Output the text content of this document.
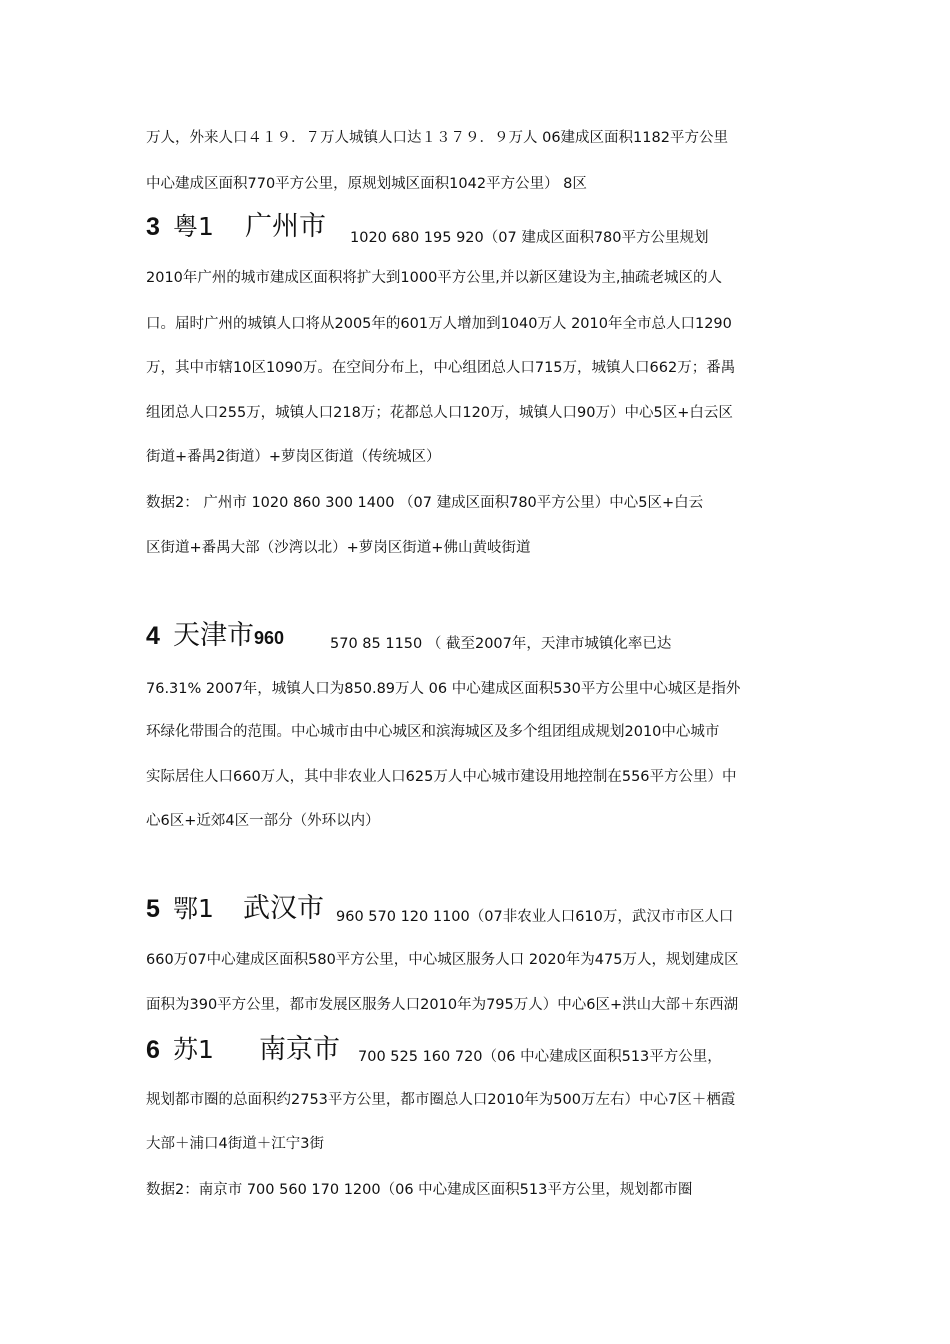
万人，外来人口４１９．７万人城镇人口达１３７９．９万人 06建成区面积1182平方公里
中心建成区面积770平方公里，原规划城区面积1042平方公里） 8区
3 粤1 广州市	1020 680 195 920（07 建成区面积780平方公里规划
2010年广州的城市建成区面积将扩大到1000平方公里,并以新区建设为主,抽疏老城区的人
口。届时广州的城镇人口将从2005年的601万人增加到1040万人 2010年全市总人口1290
万，其中市辖10区1090万。在空间分布上，中心组团总人口715万，城镇人口662万；番禺
组团总人口255万，城镇人口218万；花都总人口120万，城镇人口90万）中心5区+白云区
街道+番禺2街道）+萝岗区街道（传统城区）
数据2： 广州市 1020 860 300 1400 （07 建成区面积780平方公里）中心5区+白云
区街道+番禺大部（沙湾以北）+萝岗区街道+佛山黄岐街道
4 天津市960	570 85 1150 （ 截至2007年，天津市城镇化率已达
76.31% 2007年，城镇人口为850.89万人 06 中心建成区面积530平方公里中心城区是指外
环绿化带围合的范围。中心城市由中心城区和滨海城区及多个组团组成规划2010中心城市
实际居住人口660万人，其中非农业人口625万人中心城市建设用地控制在556平方公里）中
心6区+近郊4区一部分（外环以内）
5 鄂1 武汉市 960 570 120 1100（07非农业人口610万，武汉市市区人口
660万07中心建成区面积580平方公里，中心城区服务人口 2020年为475万人，规划建成区
面积为390平方公里，都市发展区服务人口2010年为795万人）中心6区+洪山大部＋东西湖
6 苏1 南京市	700 525 160 720（06 中心建成区面积513平方公里，
规划都市圈的总面积约2753平方公里，都市圈总人口2010年为500万左右）中心7区＋栖霞
大部＋浦口4街道＋江宁3街
数据2：南京市 700 560 170 1200（06 中心建成区面积513平方公里，规划都市圈
